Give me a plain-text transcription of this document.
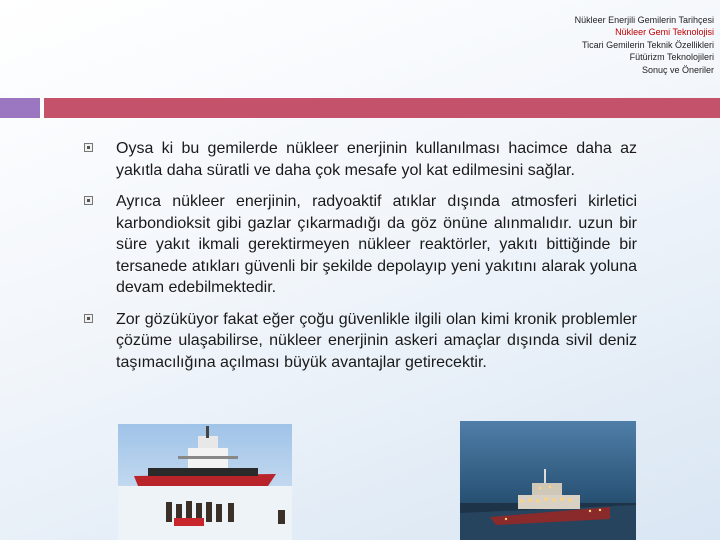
Nükleer Enerjili Gemilerin Tarihçesi
Nükleer Gemi Teknolojisi
Ticari Gemilerin Teknik Özellikleri
Fütürizm Teknolojileri
Sonuç ve Öneriler
Oysa ki bu gemilerde nükleer enerjinin kullanılması hacimce daha az yakıtla daha süratli ve daha çok mesafe yol kat edilmesini sağlar.
Ayrıca nükleer enerjinin, radyoaktif atıklar dışında atmosferi kirletici karbondioksit gibi gazlar çıkarmadığı da göz önüne alınmalıdır. uzun bir süre yakıt ikmali gerektirmeyen nükleer reaktörler, yakıtı bittiğinde bir tersanede atıkları güvenli bir şekilde depolayıp yeni yakıtını alarak yoluna devam edebilmektedir.
Zor gözüküyor fakat eğer çoğu güvenlikle ilgili olan kimi kronik problemler çözüme ulaşabilirse, nükleer enerjinin askeri amaçlar dışında sivil deniz taşımacılığına açılması büyük avantajlar getirecektir.
